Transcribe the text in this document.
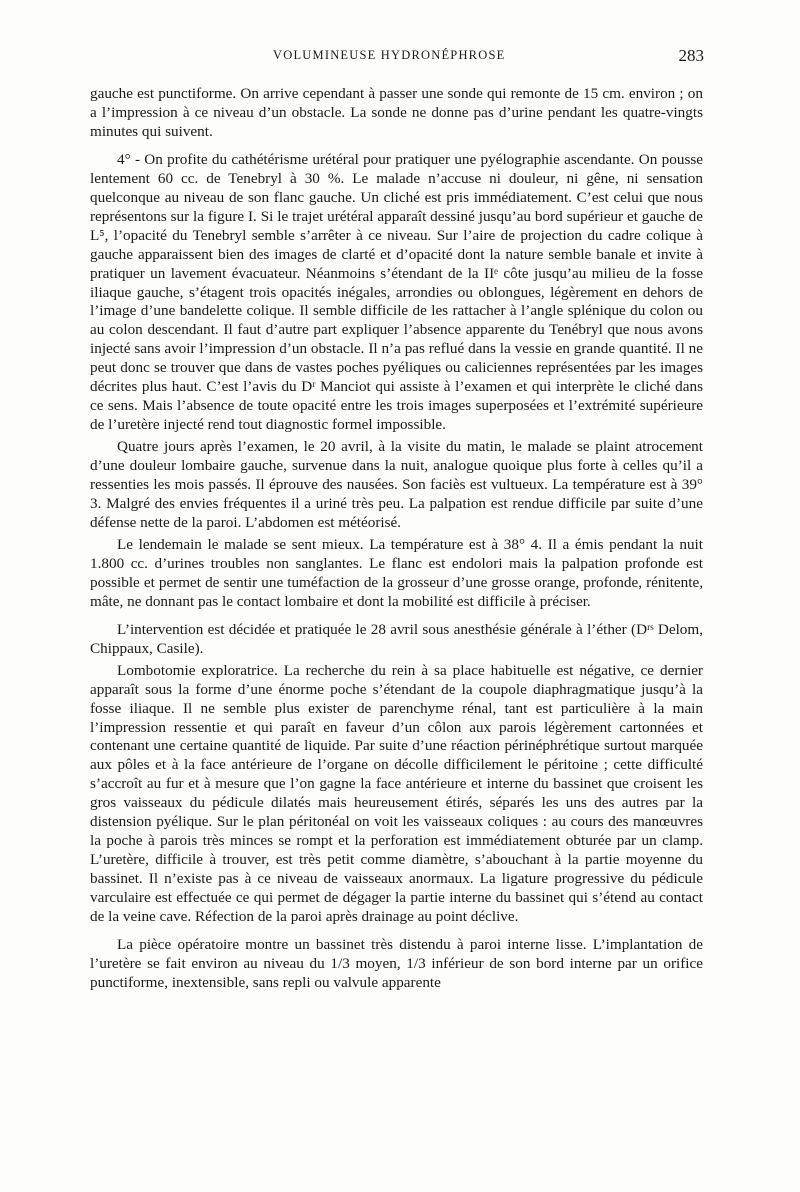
VOLUMINEUSE HYDRONÉPHROSE	283

gauche est punctiforme. On arrive cependant à passer une sonde qui remonte de 15 cm. environ ; on a l’impression à ce niveau d’un obstacle. La sonde ne donne pas d’urine pendant les quatre-vingts minutes qui suivent.

4° - On profite du cathétérisme urétéral pour pratiquer une pyélographie ascendante. On pousse lentement 60 cc. de Tenebryl à 30 %. Le malade n’accuse ni douleur, ni gêne, ni sensation quelconque au niveau de son flanc gauche. Un cliché est pris immédiatement. C’est celui que nous représentons sur la figure I. Si le trajet urétéral apparaît dessiné jusqu’au bord supérieur et gauche de L⁵, l’opacité du Tenebryl semble s’arrêter à ce niveau. Sur l’aire de projection du cadre colique à gauche apparaissent bien des images de clarté et d’opacité dont la nature semble banale et invite à pratiquer un lavement évacuateur. Néanmoins s’étendant de la IIᵉ côte jusqu’au milieu de la fosse iliaque gauche, s’étagent trois opacités inégales, arrondies ou oblongues, légèrement en dehors de l’image d’une bandelette colique. Il semble difficile de les rattacher à l’angle splénique du colon ou au colon descendant. Il faut d’autre part expliquer l’absence apparente du Tenébryl que nous avons injecté sans avoir l’impression d’un obstacle. Il n’a pas reflué dans la vessie en grande quantité. Il ne peut donc se trouver que dans de vastes poches pyéliques ou caliciennes représentées par les images décrites plus haut. C’est l’avis du Dʳ Manciot qui assiste à l’examen et qui interprète le cliché dans ce sens. Mais l’absence de toute opacité entre les trois images superposées et l’extrémité supérieure de l’uretère injecté rend tout diagnostic formel impossible.

Quatre jours après l’examen, le 20 avril, à la visite du matin, le malade se plaint atrocement d’une douleur lombaire gauche, survenue dans la nuit, analogue quoique plus forte à celles qu’il a ressenties les mois passés. Il éprouve des nausées. Son faciès est vultueux. La température est à 39° 3. Malgré des envies fréquentes il a uriné très peu. La palpation est rendue difficile par suite d’une défense nette de la paroi. L’abdomen est météorisé.

Le lendemain le malade se sent mieux. La température est à 38° 4. Il a émis pendant la nuit 1.800 cc. d’urines troubles non sanglantes. Le flanc est endolori mais la palpation profonde est possible et permet de sentir une tuméfaction de la grosseur d’une grosse orange, profonde, rénitente, mâte, ne donnant pas le contact lombaire et dont la mobilité est difficile à préciser.

L’intervention est décidée et pratiquée le 28 avril sous anesthésie générale à l’éther (Dʳˢ Delom, Chippaux, Casile).

Lombotomie exploratrice. La recherche du rein à sa place habituelle est négative, ce dernier apparaît sous la forme d’une énorme poche s’étendant de la coupole diaphragmatique jusqu’à la fosse iliaque. Il ne semble plus exister de parenchyme rénal, tant est particulière à la main l’impression ressentie et qui paraît en faveur d’un côlon aux parois légèrement cartonnées et contenant une certaine quantité de liquide. Par suite d’une réaction périnéphrétique surtout marquée aux pôles et à la face antérieure de l’organe on décolle difficilement le péritoine ; cette difficulté s’accroît au fur et à mesure que l’on gagne la face antérieure et interne du bassinet que croisent les gros vaisseaux du pédicule dilatés mais heureusement étirés, séparés les uns des autres par la distension pyélique. Sur le plan péritonéal on voit les vaisseaux coliques : au cours des manœuvres la poche à parois très minces se rompt et la perforation est immédiatement obturée par un clamp. L’uretère, difficile à trouver, est très petit comme diamètre, s’abouchant à la partie moyenne du bassinet. Il n’existe pas à ce niveau de vaisseaux anormaux. La ligature progressive du pédicule varculaire est effectuée ce qui permet de dégager la partie interne du bassinet qui s’étend au contact de la veine cave. Réfection de la paroi après drainage au point déclive.

La pièce opératoire montre un bassinet très distendu à paroi interne lisse. L’implantation de l’uretère se fait environ au niveau du 1/3 moyen, 1/3 inférieur de son bord interne par un orifice punctiforme, inextensible, sans repli ou valvule apparente
